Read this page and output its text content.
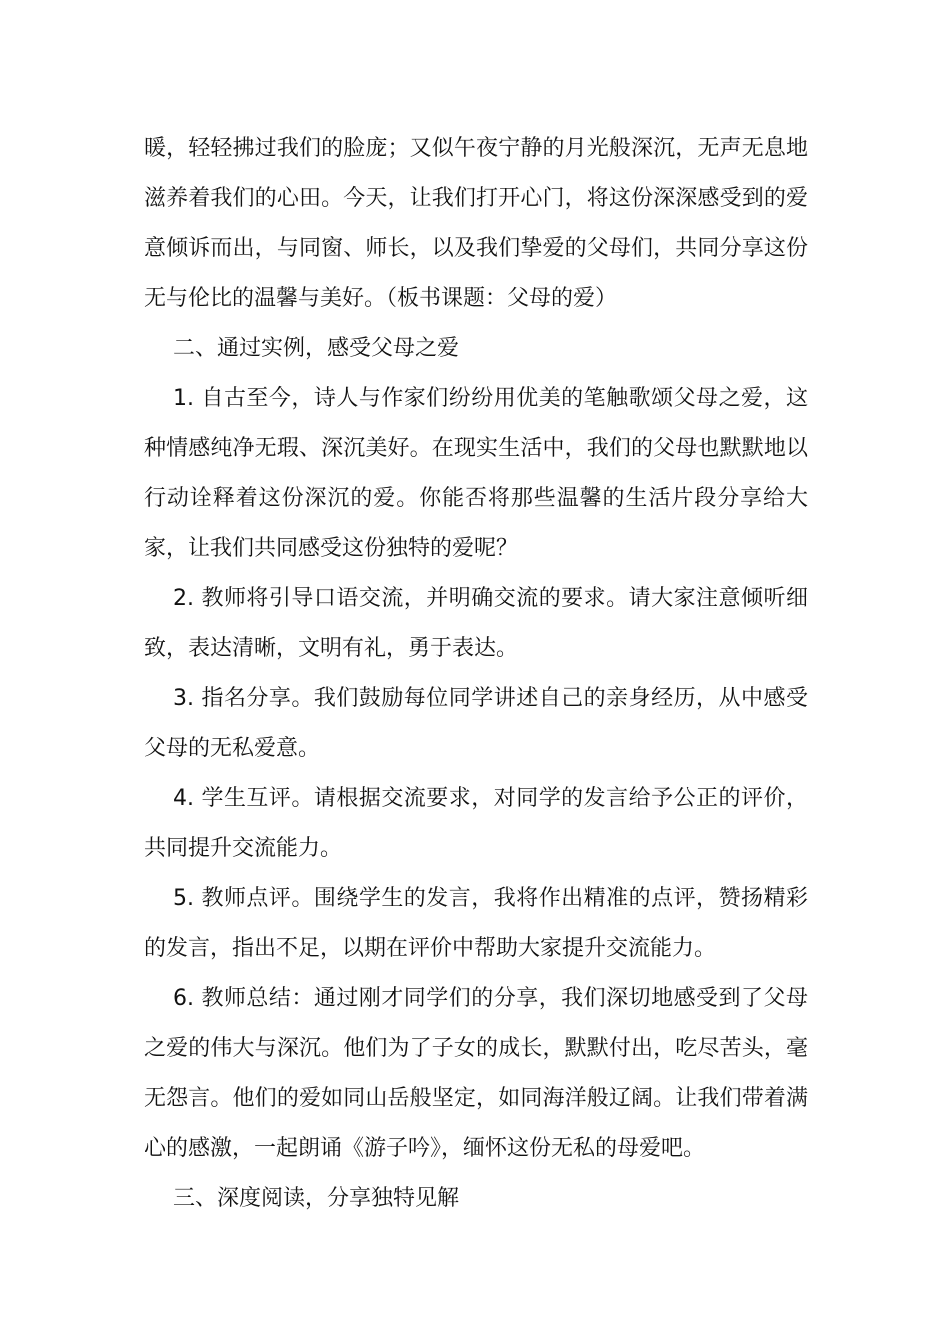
暖，轻轻拂过我们的脸庞；又似午夜宁静的月光般深沉，无声无息地滋养着我们的心田。今天，让我们打开心门，将这份深深感受到的爱意倾诉而出，与同窗、师长，以及我们挚爱的父母们，共同分享这份无与伦比的温馨与美好。（板书课题：父母的爱）

二、通过实例，感受父母之爱

1. 自古至今，诗人与作家们纷纷用优美的笔触歌颂父母之爱，这种情感纯净无瑕、深沉美好。在现实生活中，我们的父母也默默地以行动诠释着这份深沉的爱。你能否将那些温馨的生活片段分享给大家，让我们共同感受这份独特的爱呢？

2. 教师将引导口语交流，并明确交流的要求。请大家注意倾听细致，表达清晰，文明有礼，勇于表达。

3. 指名分享。我们鼓励每位同学讲述自己的亲身经历，从中感受父母的无私爱意。

4. 学生互评。请根据交流要求，对同学的发言给予公正的评价，共同提升交流能力。

5. 教师点评。围绕学生的发言，我将作出精准的点评，赞扬精彩的发言，指出不足，以期在评价中帮助大家提升交流能力。

6. 教师总结：通过刚才同学们的分享，我们深切地感受到了父母之爱的伟大与深沉。他们为了子女的成长，默默付出，吃尽苦头，毫无怨言。他们的爱如同山岳般坚定，如同海洋般辽阔。让我们带着满心的感激，一起朗诵《游子吟》，缅怀这份无私的母爱吧。

三、深度阅读，分享独特见解
